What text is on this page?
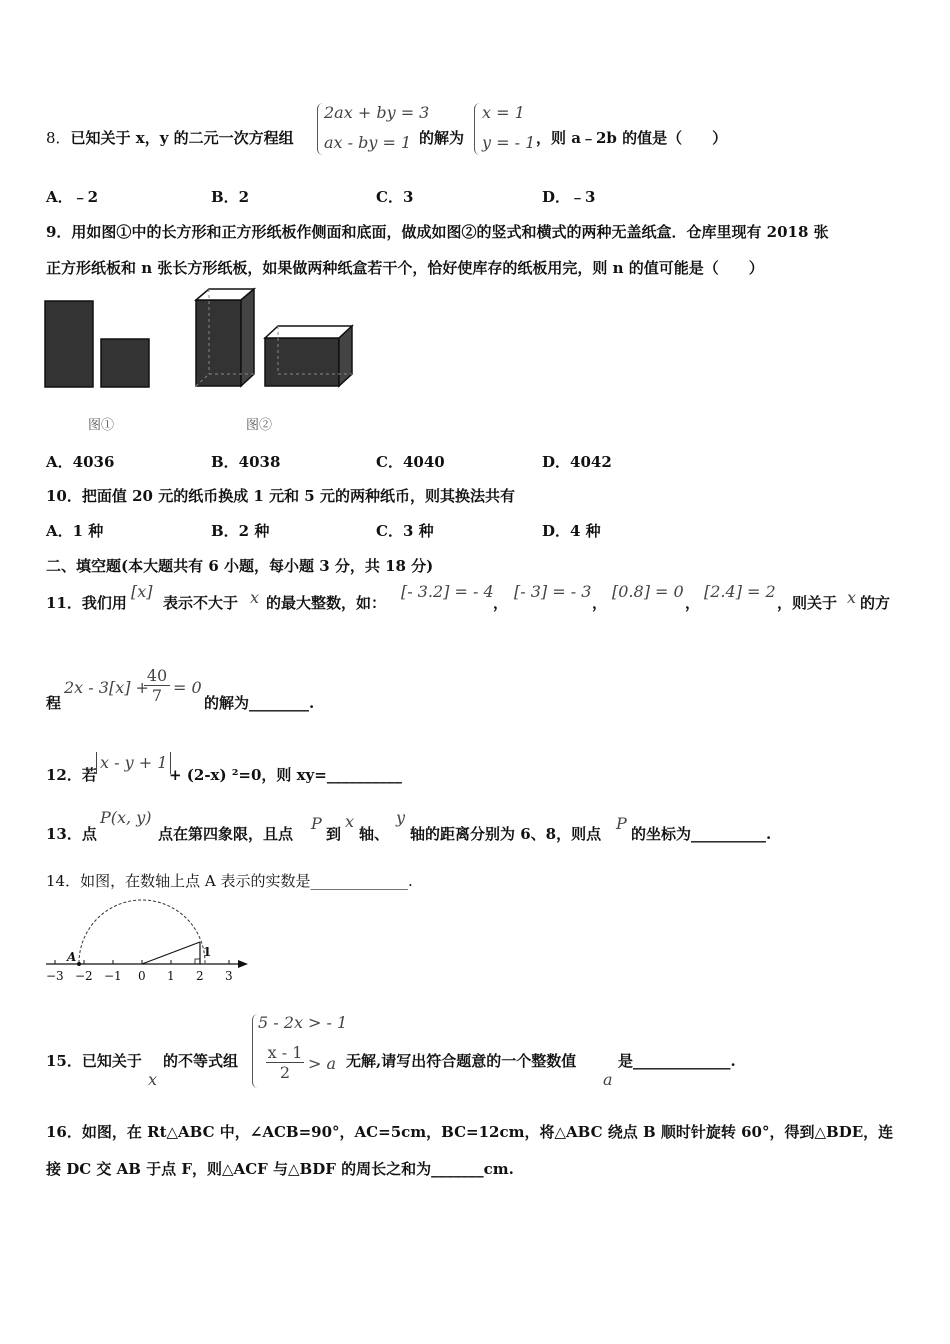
8．已知关于 x，y 的二元一次方程组
2ax + by = 3
ax - by = 1 的解为
x = 1
y = - 1 ，则 a﹣2b 的值是（　　）
A．﹣2	B．2	C．3	D．﹣3
9．用如图①中的长方形和正方形纸板作侧面和底面，做成如图②的竖式和横式的两种无盖纸盒．仓库里现有 2018 张
正方形纸板和 n 张长方形纸板，如果做两种纸盒若干个，恰好使库存的纸板用完，则 n 的值可能是（　　）
图①	图②
A．4036	B．4038	C．4040	D．4042
10．把面值 20 元的纸币换成 1 元和 5 元的两种纸币，则其换法共有
A．1 种	B．2 种	C．3 种	D．4 种
二、填空题(本大题共有 6 小题，每小题 3 分，共 18 分)
11．我们用
[x]
表示不大于 x 的最大整数，如：
[- 3.2] = - 4
，
[- 3] = - 3
，
[0.8] = 0
，
[2.4] = 2
，则关于 x 的方
程
2x - 3[x] +
$\frac{40}{7} = 0$
的解为________.
12．若
x - y + 1
+ (2-x) ²=0，则 xy=__________
13．点
P(x, y)
点在第四象限，且点
P
到
x
轴、
y
轴的距离分别为 6、8，则点
P
的坐标为__________.
14．如图，在数轴上点 A 表示的实数是_____________.
A	1
−3 −2 −1 0 1 2 3
15．已知关于
x
的不等式组
5 - 2x > - 1
$\frac{x - 1}{2} > a$ 无解,请写出符合题意的一个整数值
a
是_____________.
16．如图，在 Rt△ABC 中，∠ACB=90°，AC=5cm，BC=12cm，将△ABC 绕点 B 顺时针旋转 60°，得到△BDE，连
接 DC 交 AB 于点 F，则△ACF 与△BDF 的周长之和为_______cm.
